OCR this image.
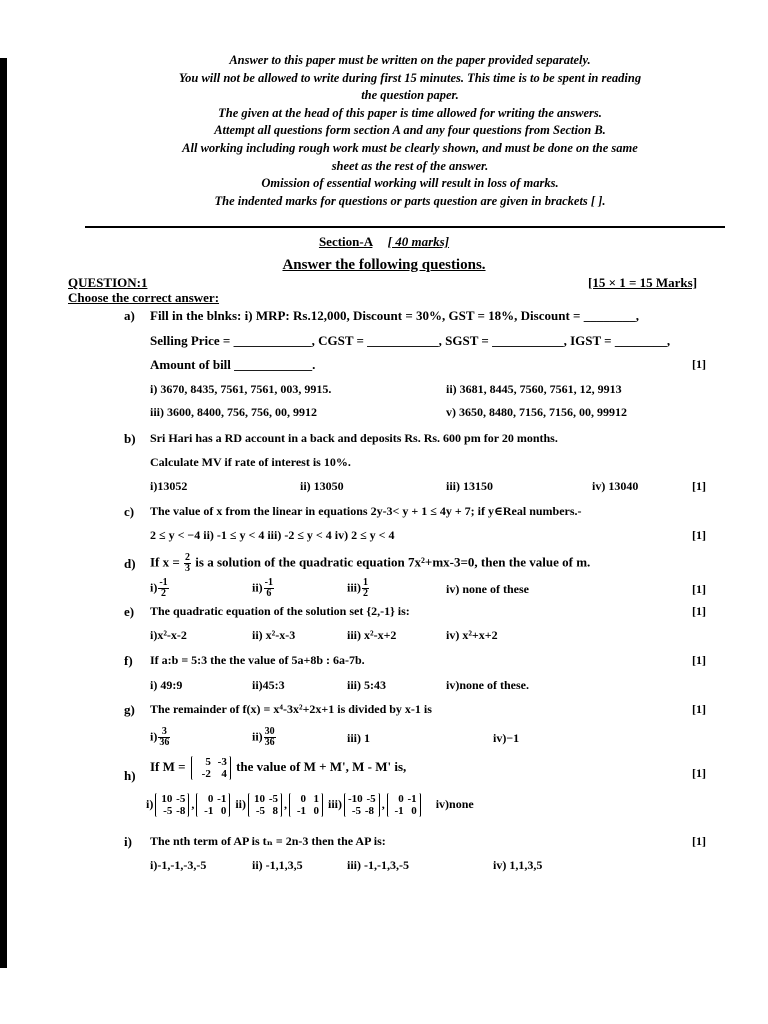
Answer to this paper must be written on the paper provided separately.
You will not be allowed to write during first 15 minutes. This time is to be spent in reading
the question paper.
The given at the head of this paper is time allowed for writing the answers.
Attempt all questions form section A and any four questions from Section B.
All working including rough work must be clearly shown, and must be done on the same
sheet as the rest of the answer.
Omission of essential working will result in loss of marks.
The indented marks for questions or parts question are given in brackets [ ].
Section-A [ 40 marks]
Answer the following questions.
QUESTION:1	[15 × 1 = 15 Marks]
Choose the correct answer:
a) Fill in the blnks: i) MRP: Rs.12,000, Discount = 30%, GST = 18%, Discount = ________,
Selling Price = ____________, CGST = ___________, SGST = ___________, IGST = ________,
Amount of bill ____________.	[1]
i) 3670, 8435, 7561, 7561, 003, 9915.	ii) 3681, 8445, 7560, 7561, 12, 9913
iii) 3600, 8400, 756, 756, 00, 9912	v) 3650, 8480, 7156, 7156, 00, 99912
b) Sri Hari has a RD account in a back and deposits Rs. Rs. 600 pm for 20 months.
Calculate MV if rate of interest is 10%.
i)13052	ii) 13050	iii) 13150	iv) 13040	[1]
c) The value of x from the linear in equations 2y-3< y + 1 ≤ 4y + 7; if y∈Real numbers.-
2 ≤ y < −4 ii) -1 ≤ y < 4 iii) -2 ≤ y < 4 iv) 2 ≤ y < 4	[1]
d) If $x = \frac{2}{3}$ is a solution of the quadratic equation 7x²+mx-3=0, then the value of m.
$i) \frac{-1}{2}$	$ii) \frac{-1}{6}$	$iii) \frac{1}{2}$	iv) none of these	[1]
e) The quadratic equation of the solution set {2,-1} is:	[1]
i)x²-x-2	ii) x²-x-3	iii) x²-x+2	iv) x²+x+2
f) If a:b = 5:3 the the value of 5a+8b : 6a-7b.	[1]
i) 49:9	ii)45:3	iii) 5:43	iv)none of these.
g) The remainder of f(x) = x⁴-3x²+2x+1 is divided by x-1 is	[1]
$i) \frac{3}{36}$	$ii) \frac{30}{36}$	iii) 1	iv)−1
h)
If M =	5 -3
-2 4
the value of M + M', M - M' is,	[1]
i) 10 -5
-5 -8
,	0 -1
-1 0
ii) 10 -5
-5 8
,	0 1
-1 0
iii) -10 -5
-5 -8
,	0 -1
-1 0
iv)none
i) The nth term of AP is tₙ = 2n-3 then the AP is:	[1]
i)-1,-1,-3,-5	ii) -1,1,3,5	iii) -1,-1,3,-5	iv) 1,1,3,5
